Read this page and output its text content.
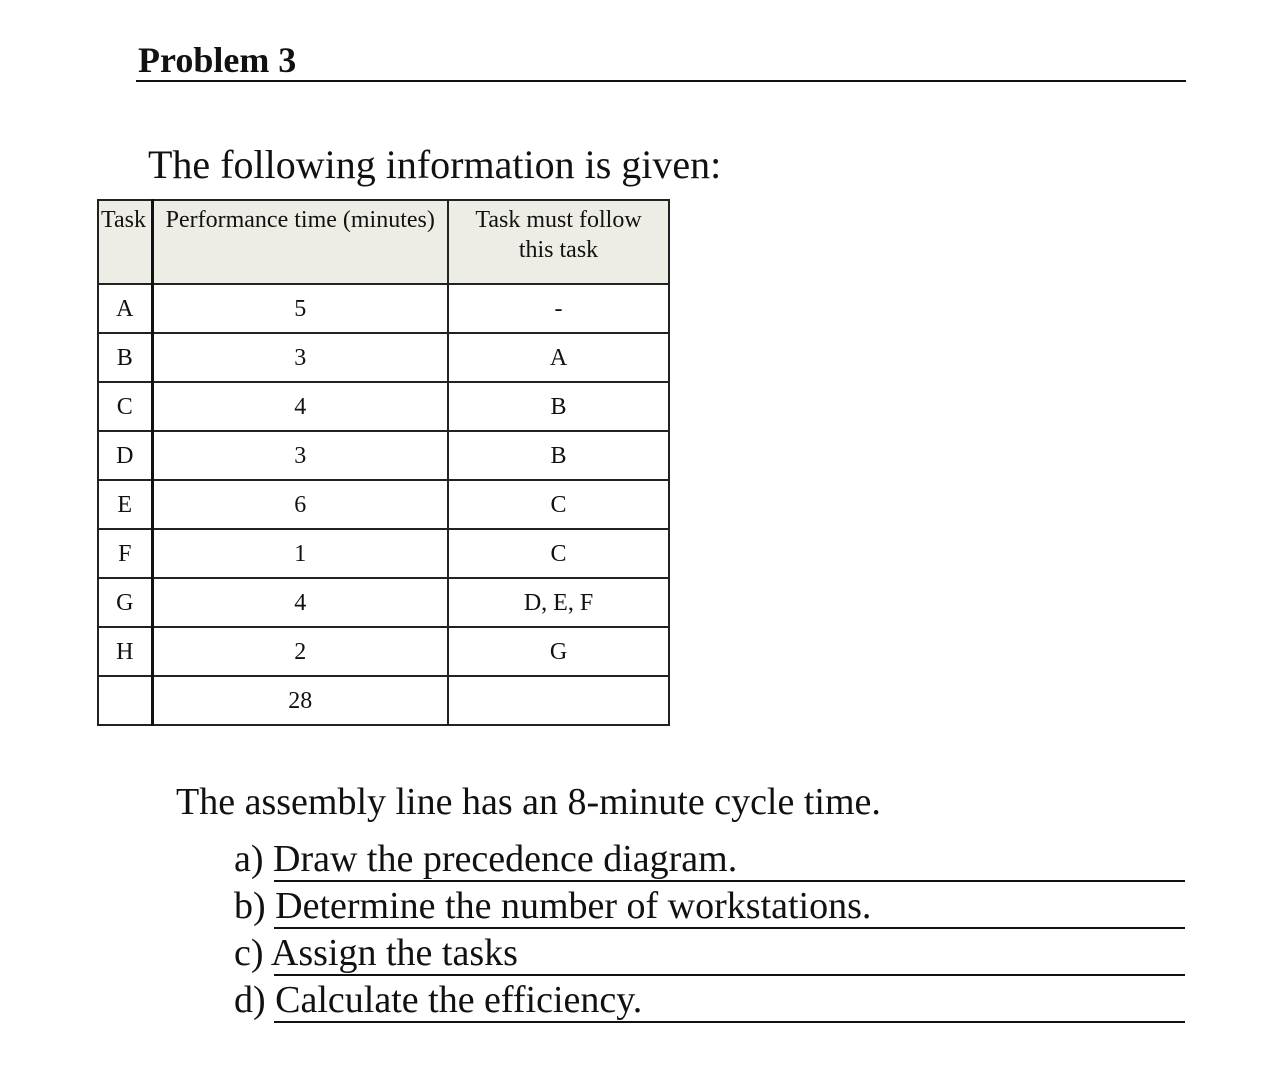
Problem 3

The following information is given:

Task	Performance time (minutes)	Task must follow
this task
A	5	-
B	3	A
C	4	B
D	3	B
E	6	C
F	1	C
G	4	D, E, F
H	2	G
	28	

The assembly line has an 8-minute cycle time.

a) Draw the precedence diagram.
b) Determine the number of workstations.
c) Assign the tasks
d) Calculate the efficiency.
